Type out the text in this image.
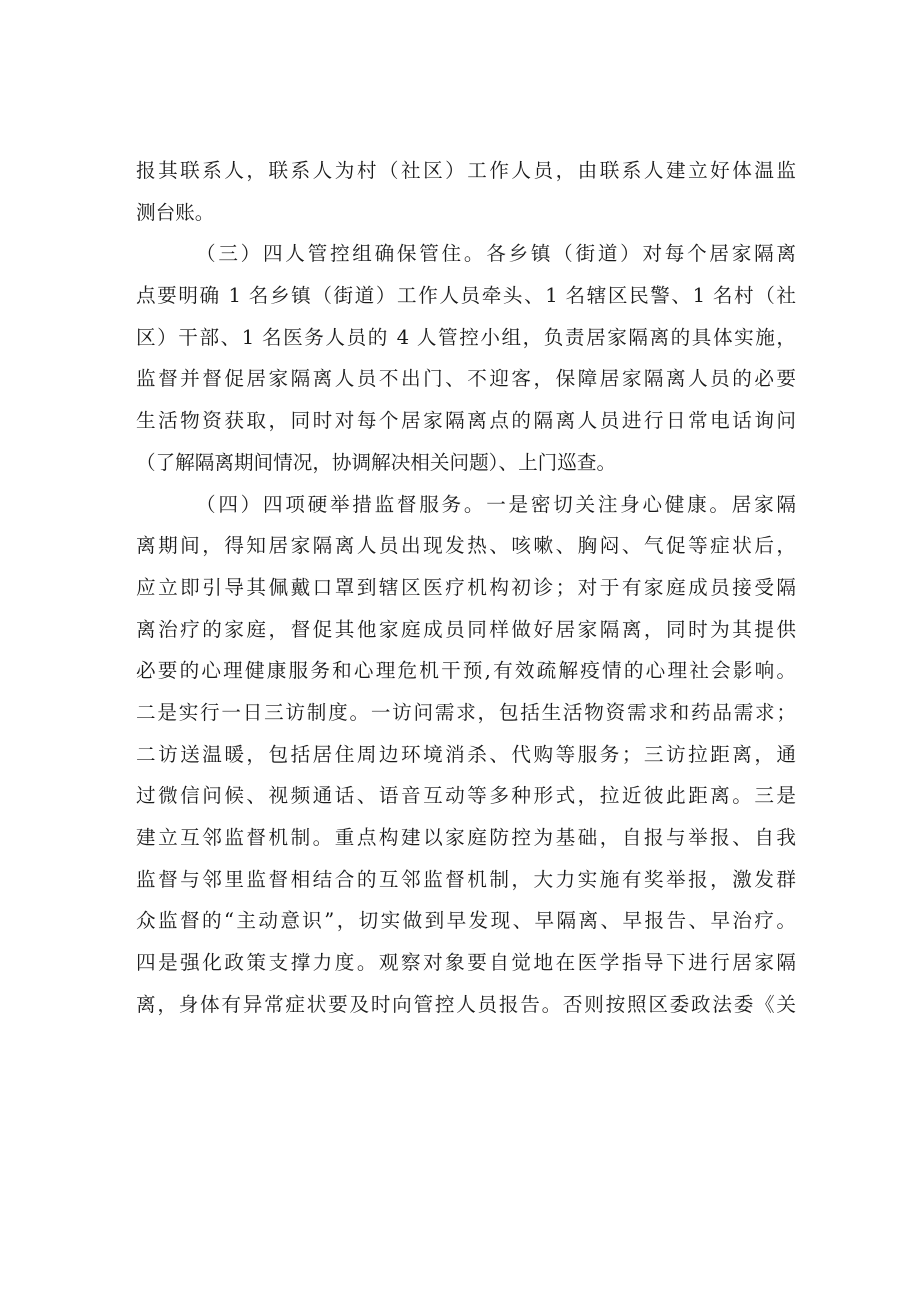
报其联系人，联系人为村（社区）工作人员，由联系人建立好体温监
测台账。
（三）四人管控组确保管住。各乡镇（街道）对每个居家隔离
点要明确 1 名乡镇（街道）工作人员牵头、1 名辖区民警、1 名村（社
区）干部、1 名医务人员的 4 人管控小组，负责居家隔离的具体实施，
监督并督促居家隔离人员不出门、不迎客，保障居家隔离人员的必要
生活物资获取，同时对每个居家隔离点的隔离人员进行日常电话询问
（了解隔离期间情况，协调解决相关问题）、上门巡查。
（四）四项硬举措监督服务。一是密切关注身心健康。居家隔
离期间，得知居家隔离人员出现发热、咳嗽、胸闷、气促等症状后，
应立即引导其佩戴口罩到辖区医疗机构初诊；对于有家庭成员接受隔
离治疗的家庭，督促其他家庭成员同样做好居家隔离，同时为其提供
必要的心理健康服务和心理危机干预,有效疏解疫情的心理社会影响。
二是实行一日三访制度。一访问需求，包括生活物资需求和药品需求；
二访送温暖，包括居住周边环境消杀、代购等服务；三访拉距离，通
过微信问候、视频通话、语音互动等多种形式，拉近彼此距离。三是
建立互邻监督机制。重点构建以家庭防控为基础，自报与举报、自我
监督与邻里监督相结合的互邻监督机制，大力实施有奖举报，激发群
众监督的“主动意识”，切实做到早发现、早隔离、早报告、早治疗。
四是强化政策支撑力度。观察对象要自觉地在医学指导下进行居家隔
离，身体有异常症状要及时向管控人员报告。否则按照区委政法委《关
